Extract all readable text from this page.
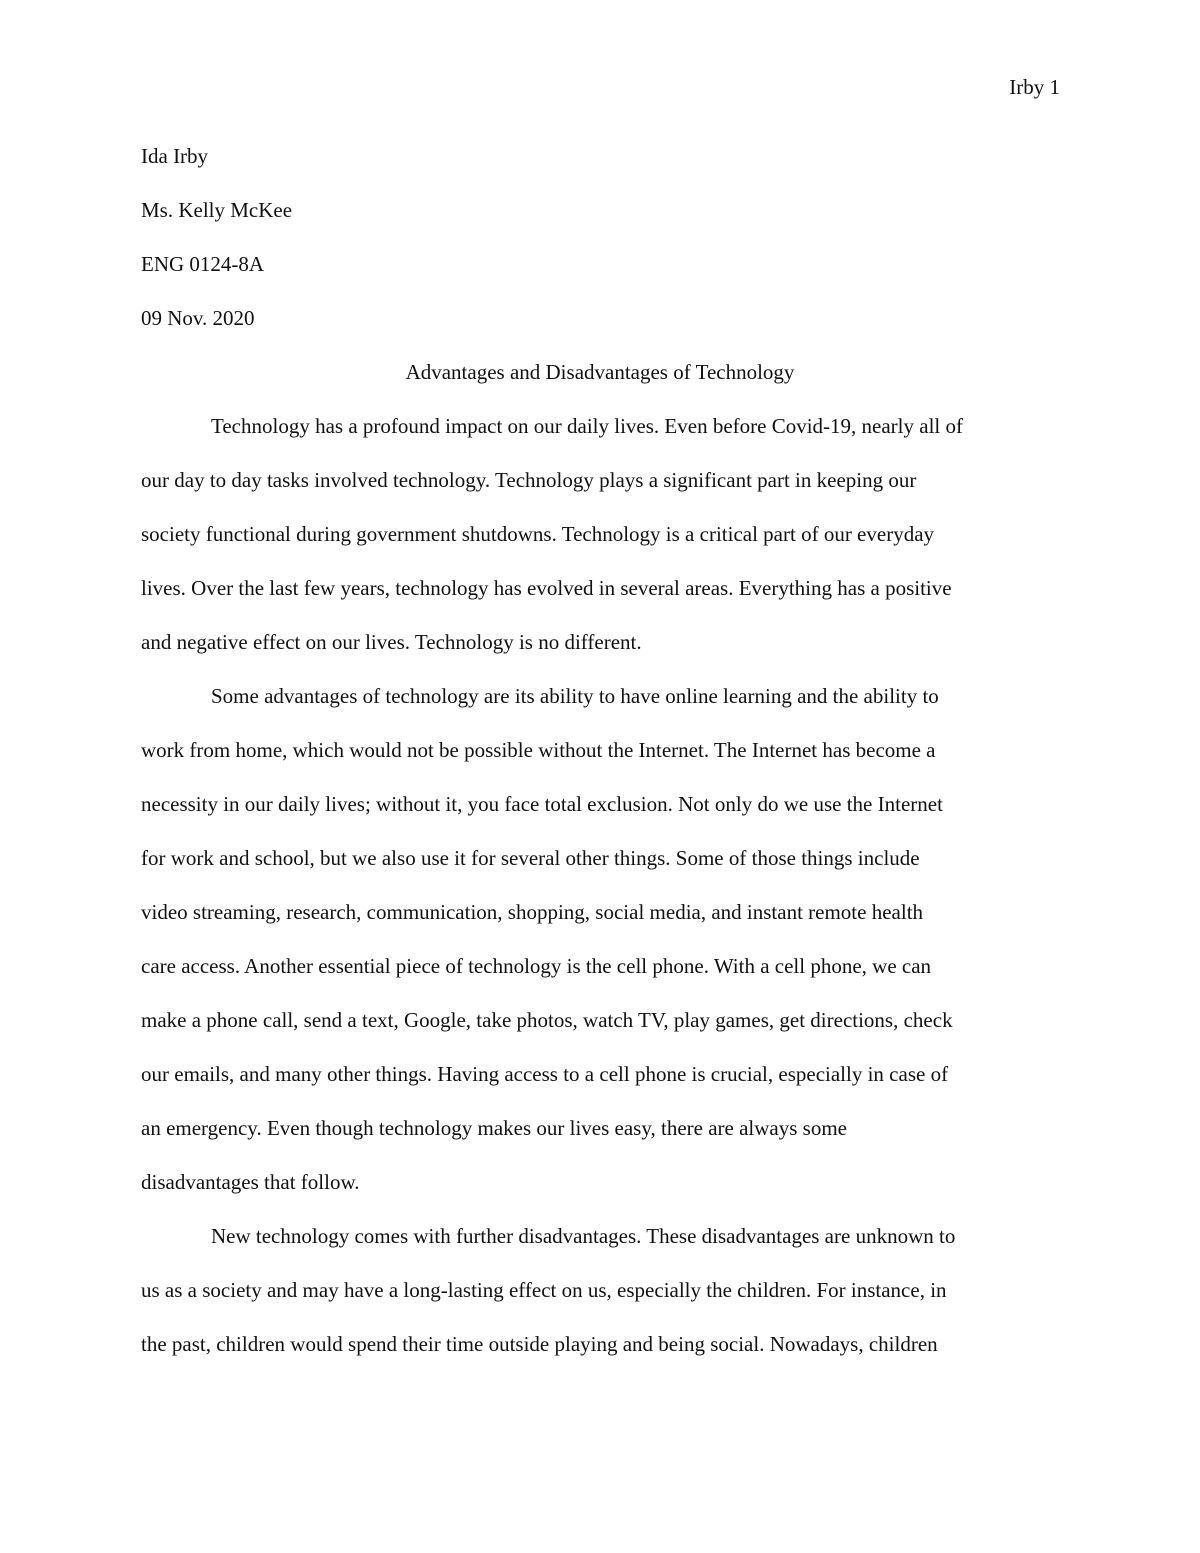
Irby 1
Ida Irby
Ms. Kelly McKee
ENG 0124-8A
09 Nov. 2020
Advantages and Disadvantages of Technology
Technology has a profound impact on our daily lives. Even before Covid-19, nearly all of
our day to day tasks involved technology. Technology plays a significant part in keeping our
society functional during government shutdowns. Technology is a critical part of our everyday
lives. Over the last few years, technology has evolved in several areas. Everything has a positive
and negative effect on our lives. Technology is no different.
Some advantages of technology are its ability to have online learning and the ability to
work from home, which would not be possible without the Internet. The Internet has become a
necessity in our daily lives; without it, you face total exclusion. Not only do we use the Internet
for work and school, but we also use it for several other things. Some of those things include
video streaming, research, communication, shopping, social media, and instant remote health
care access. Another essential piece of technology is the cell phone. With a cell phone, we can
make a phone call, send a text, Google, take photos, watch TV, play games, get directions, check
our emails, and many other things. Having access to a cell phone is crucial, especially in case of
an emergency. Even though technology makes our lives easy, there are always some
disadvantages that follow.
New technology comes with further disadvantages. These disadvantages are unknown to
us as a society and may have a long-lasting effect on us, especially the children. For instance, in
the past, children would spend their time outside playing and being social. Nowadays, children
